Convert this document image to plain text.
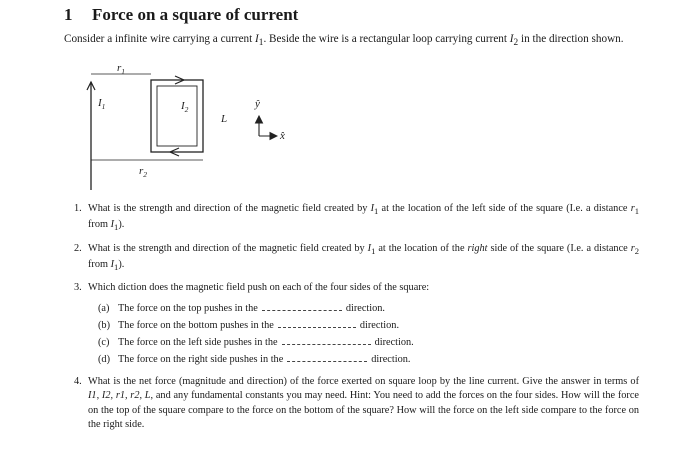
1 Force on a square of current
Consider a infinite wire carrying a current $I_1$. Beside the wire is a rectangular loop carrying current $I_2$ in the direction shown.
$I_1$
$r_1$
$I_2$
L
$r_2$
ŷ
x̂
1. What is the strength and direction of the magnetic field created by $I_1$ at the location of the left side of the square (I.e. a distance $r_1$ from $I_1$).
2. What is the strength and direction of the magnetic field created by $I_1$ at the location of the right side of the square (I.e. a distance $r_2$ from $I_1$).
3. Which diction does the magnetic field push on each of the four sides of the square:
(a) The force on the top pushes in the	direction.
(b) The force on the bottom pushes in the	direction.
(c) The force on the left side pushes in the	direction.
(d) The force on the right side pushes in the	direction.
4. What is the net force (magnitude and direction) of the force exerted on square loop by the line current. Give the answer in terms of I1, I2, r1, r2, L, and any fundamental constants you may need. Hint: You need to add the forces on the four sides. How will the force on the top of the square compare to the force on the bottom of the square? How will the force on the left side compare to the force on the right side.
